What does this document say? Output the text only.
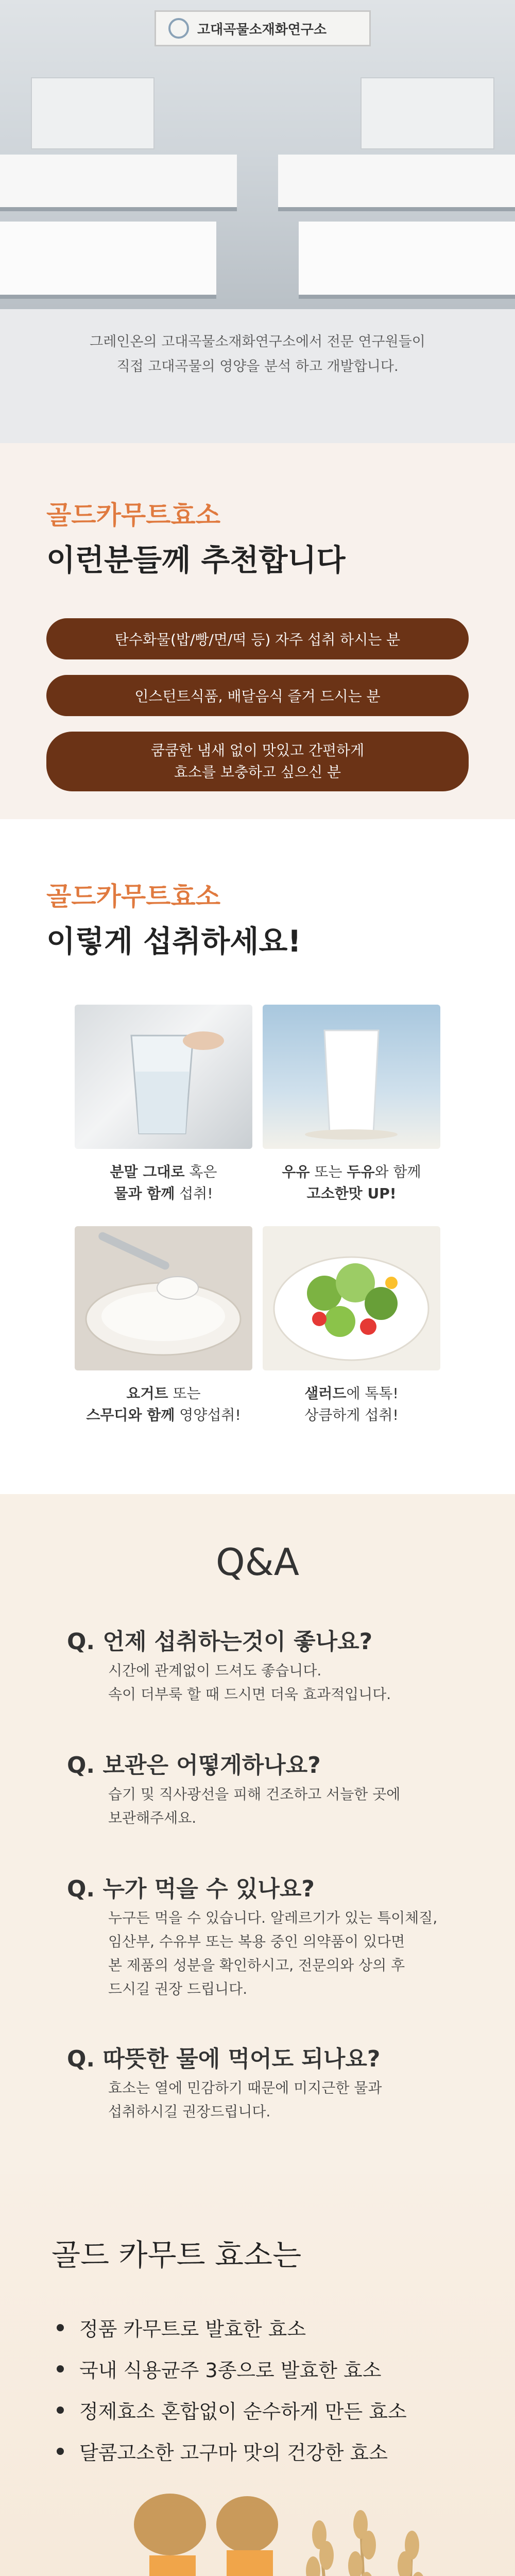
고대곡물소재화연구소
그레인온의 고대곡물소재화연구소에서 전문 연구원들이
직접 고대곡물의 영양을 분석 하고 개발합니다.
골드카무트효소
이런분들께 추천합니다
탄수화물(밥/빵/면/떡 등) 자주 섭취 하시는 분
인스턴트식품, 배달음식 즐겨 드시는 분
쿰쿰한 냄새 없이 맛있고 간편하게
효소를 보충하고 싶으신 분
골드카무트효소
이렇게 섭취하세요!
분말 그대로 혹은
물과 함께 섭취!
우유 또는 두유와 함께
고소한맛 UP!
요거트 또는
스무디와 함께 영양섭취!
샐러드에 톡톡!
상큼하게 섭취!
Q&A
Q. 언제 섭취하는것이 좋나요?
시간에 관계없이 드셔도 좋습니다.
속이 더부룩 할 때 드시면 더욱 효과적입니다.
Q. 보관은 어떻게하나요?
습기 및 직사광선을 피해 건조하고 서늘한 곳에
보관해주세요.
Q. 누가 먹을 수 있나요?
누구든 먹을 수 있습니다. 알레르기가 있는 특이체질,
임산부, 수유부 또는 복용 중인 의약품이 있다면
본 제품의 성분을 확인하시고, 전문의와 상의 후
드시길 권장 드립니다.
Q. 따뜻한 물에 먹어도 되나요?
효소는 열에 민감하기 때문에 미지근한 물과
섭취하시길 권장드립니다.
골드 카무트 효소는
정품 카무트로 발효한 효소
국내 식용균주 3종으로 발효한 효소
정제효소 혼합없이 순수하게 만든 효소
달콤고소한 고구마 맛의 건강한 효소
